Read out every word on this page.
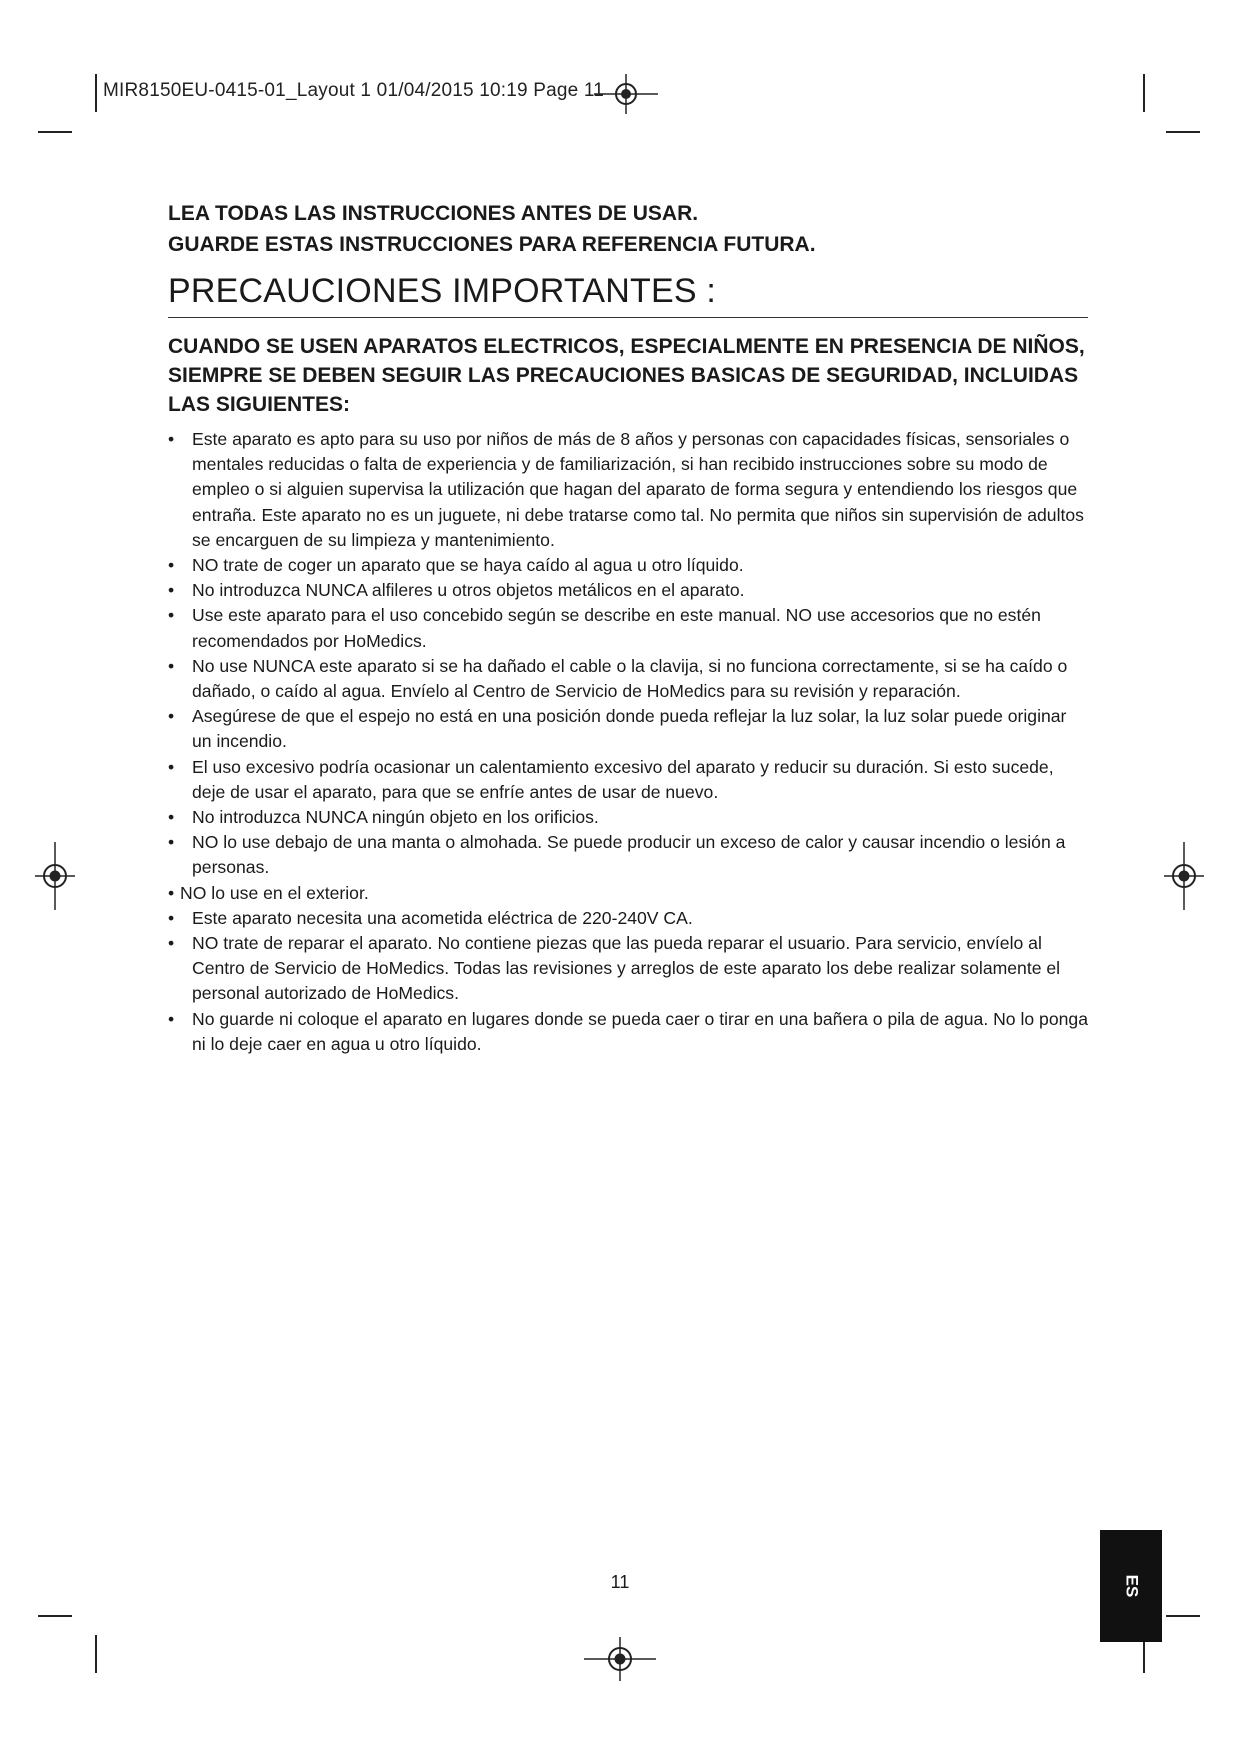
MIR8150EU-0415-01_Layout 1 01/04/2015 10:19 Page 11
LEA TODAS LAS INSTRUCCIONES ANTES DE USAR.
GUARDE ESTAS INSTRUCCIONES PARA REFERENCIA FUTURA.
PRECAUCIONES IMPORTANTES :
CUANDO SE USEN APARATOS ELECTRICOS, ESPECIALMENTE EN PRESENCIA DE NIÑOS, SIEMPRE SE DEBEN SEGUIR LAS PRECAUCIONES BASICAS DE SEGURIDAD, INCLUIDAS LAS SIGUIENTES:
• Este aparato es apto para su uso por niños de más de 8 años y personas con capacidades físicas, sensoriales o mentales reducidas o falta de experiencia y de familiarización, si han recibido instrucciones sobre su modo de empleo o si alguien supervisa la utilización que hagan del aparato de forma segura y entendiendo los riesgos que entraña. Este aparato no es un juguete, ni debe tratarse como tal. No permita que niños sin supervisión de adultos se encarguen de su limpieza y mantenimiento.
• NO trate de coger un aparato que se haya caído al agua u otro líquido.
• No introduzca NUNCA alfileres u otros objetos metálicos en el aparato.
• Use este aparato para el uso concebido según se describe en este manual. NO use accesorios que no estén recomendados por HoMedics.
• No use NUNCA este aparato si se ha dañado el cable o la clavija, si no funciona correctamente, si se ha caído o dañado, o caído al agua. Envíelo al Centro de Servicio de HoMedics para su revisión y reparación.
• Asegúrese de que el espejo no está en una posición donde pueda reflejar la luz solar, la luz solar puede originar un incendio.
• El uso excesivo podría ocasionar un calentamiento excesivo del aparato y reducir su duración. Si esto sucede, deje de usar el aparato, para que se enfríe antes de usar de nuevo.
• No introduzca NUNCA ningún objeto en los orificios.
• NO lo use debajo de una manta o almohada. Se puede producir un exceso de calor y causar incendio o lesión a personas.
• NO lo use en el exterior.
• Este aparato necesita una acometida eléctrica de 220-240V CA.
• NO trate de reparar el aparato. No contiene piezas que las pueda reparar el usuario. Para servicio, envíelo al Centro de Servicio de HoMedics. Todas las revisiones y arreglos de este aparato los debe realizar solamente el personal autorizado de HoMedics.
• No guarde ni coloque el aparato en lugares donde se pueda caer o tirar en una bañera o pila de agua. No lo ponga ni lo deje caer en agua u otro líquido.
11	ES
